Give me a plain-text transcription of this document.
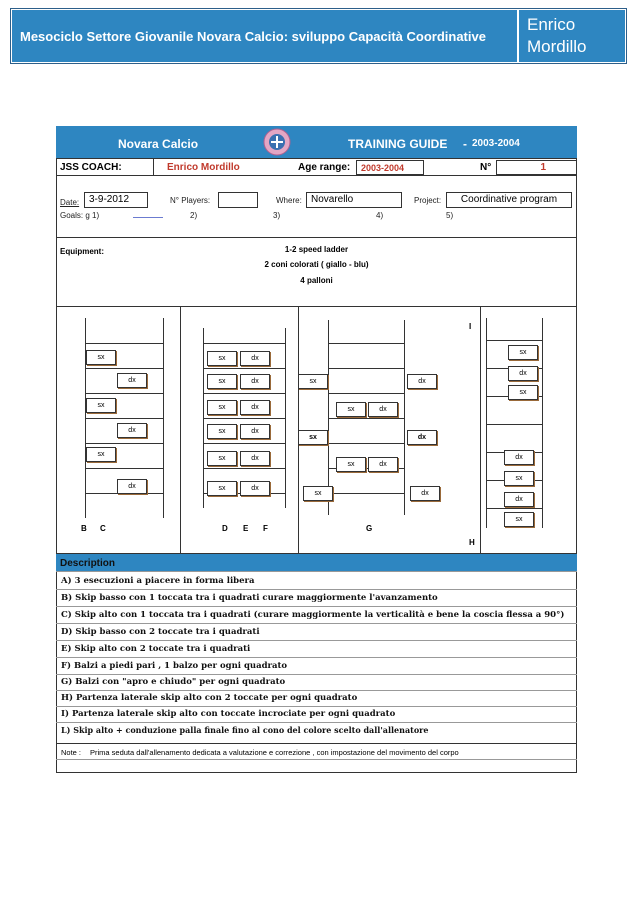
Mesociclo Settore Giovanile Novara Calcio: sviluppo Capacità Coordinative
Enrico
Mordillo
Novara Calcio	TRAINING GUIDE - 2003-2004
JSS COACH:	Enrico Mordillo	Age range:	2003-2004	N°	1
Date: 3-9-2012	N° Players:	Where: Novarello	Project:	Coordinative program
Goals: g 1)	2)	3)	4)	5)
Equipment:	1-2 speed ladder
2 coni colorati ( giallo - blu)
4 palloni
sx
dx
sx
dx
sx
dx
B C
sx	dx
sx	dx
sx	dx
sx	dx
sx	dx
sx	dx
D E F
sx	dx
sx	dx
sx	dx
sx	dx
sx	dx
G
sx
dx
sx
dx
sx
dx
sx
I
H
Description
A) 3 esecuzioni a piacere in forma libera
B) Skip basso con 1 toccata tra i quadrati curare maggiormente l'avanzamento
C) Skip alto con 1 toccata tra i quadrati (curare maggiormente la verticalità e bene la coscia flessa a 90°)
D) Skip basso con 2 toccate tra i quadrati
E) Skip alto con 2 toccate tra i quadrati
F) Balzi a piedi pari , 1 balzo per ogni quadrato
G) Balzi con "apro e chiudo" per ogni quadrato
H) Partenza laterale skip alto con 2 toccate per ogni quadrato
I) Partenza laterale skip alto con toccate incrociate per ogni quadrato
L) Skip alto + conduzione palla finale fino al cono del colore scelto dall'allenatore
Note : Prima seduta dall'allenamento dedicata a valutazione e correzione , con impostazione del movimento del corpo
